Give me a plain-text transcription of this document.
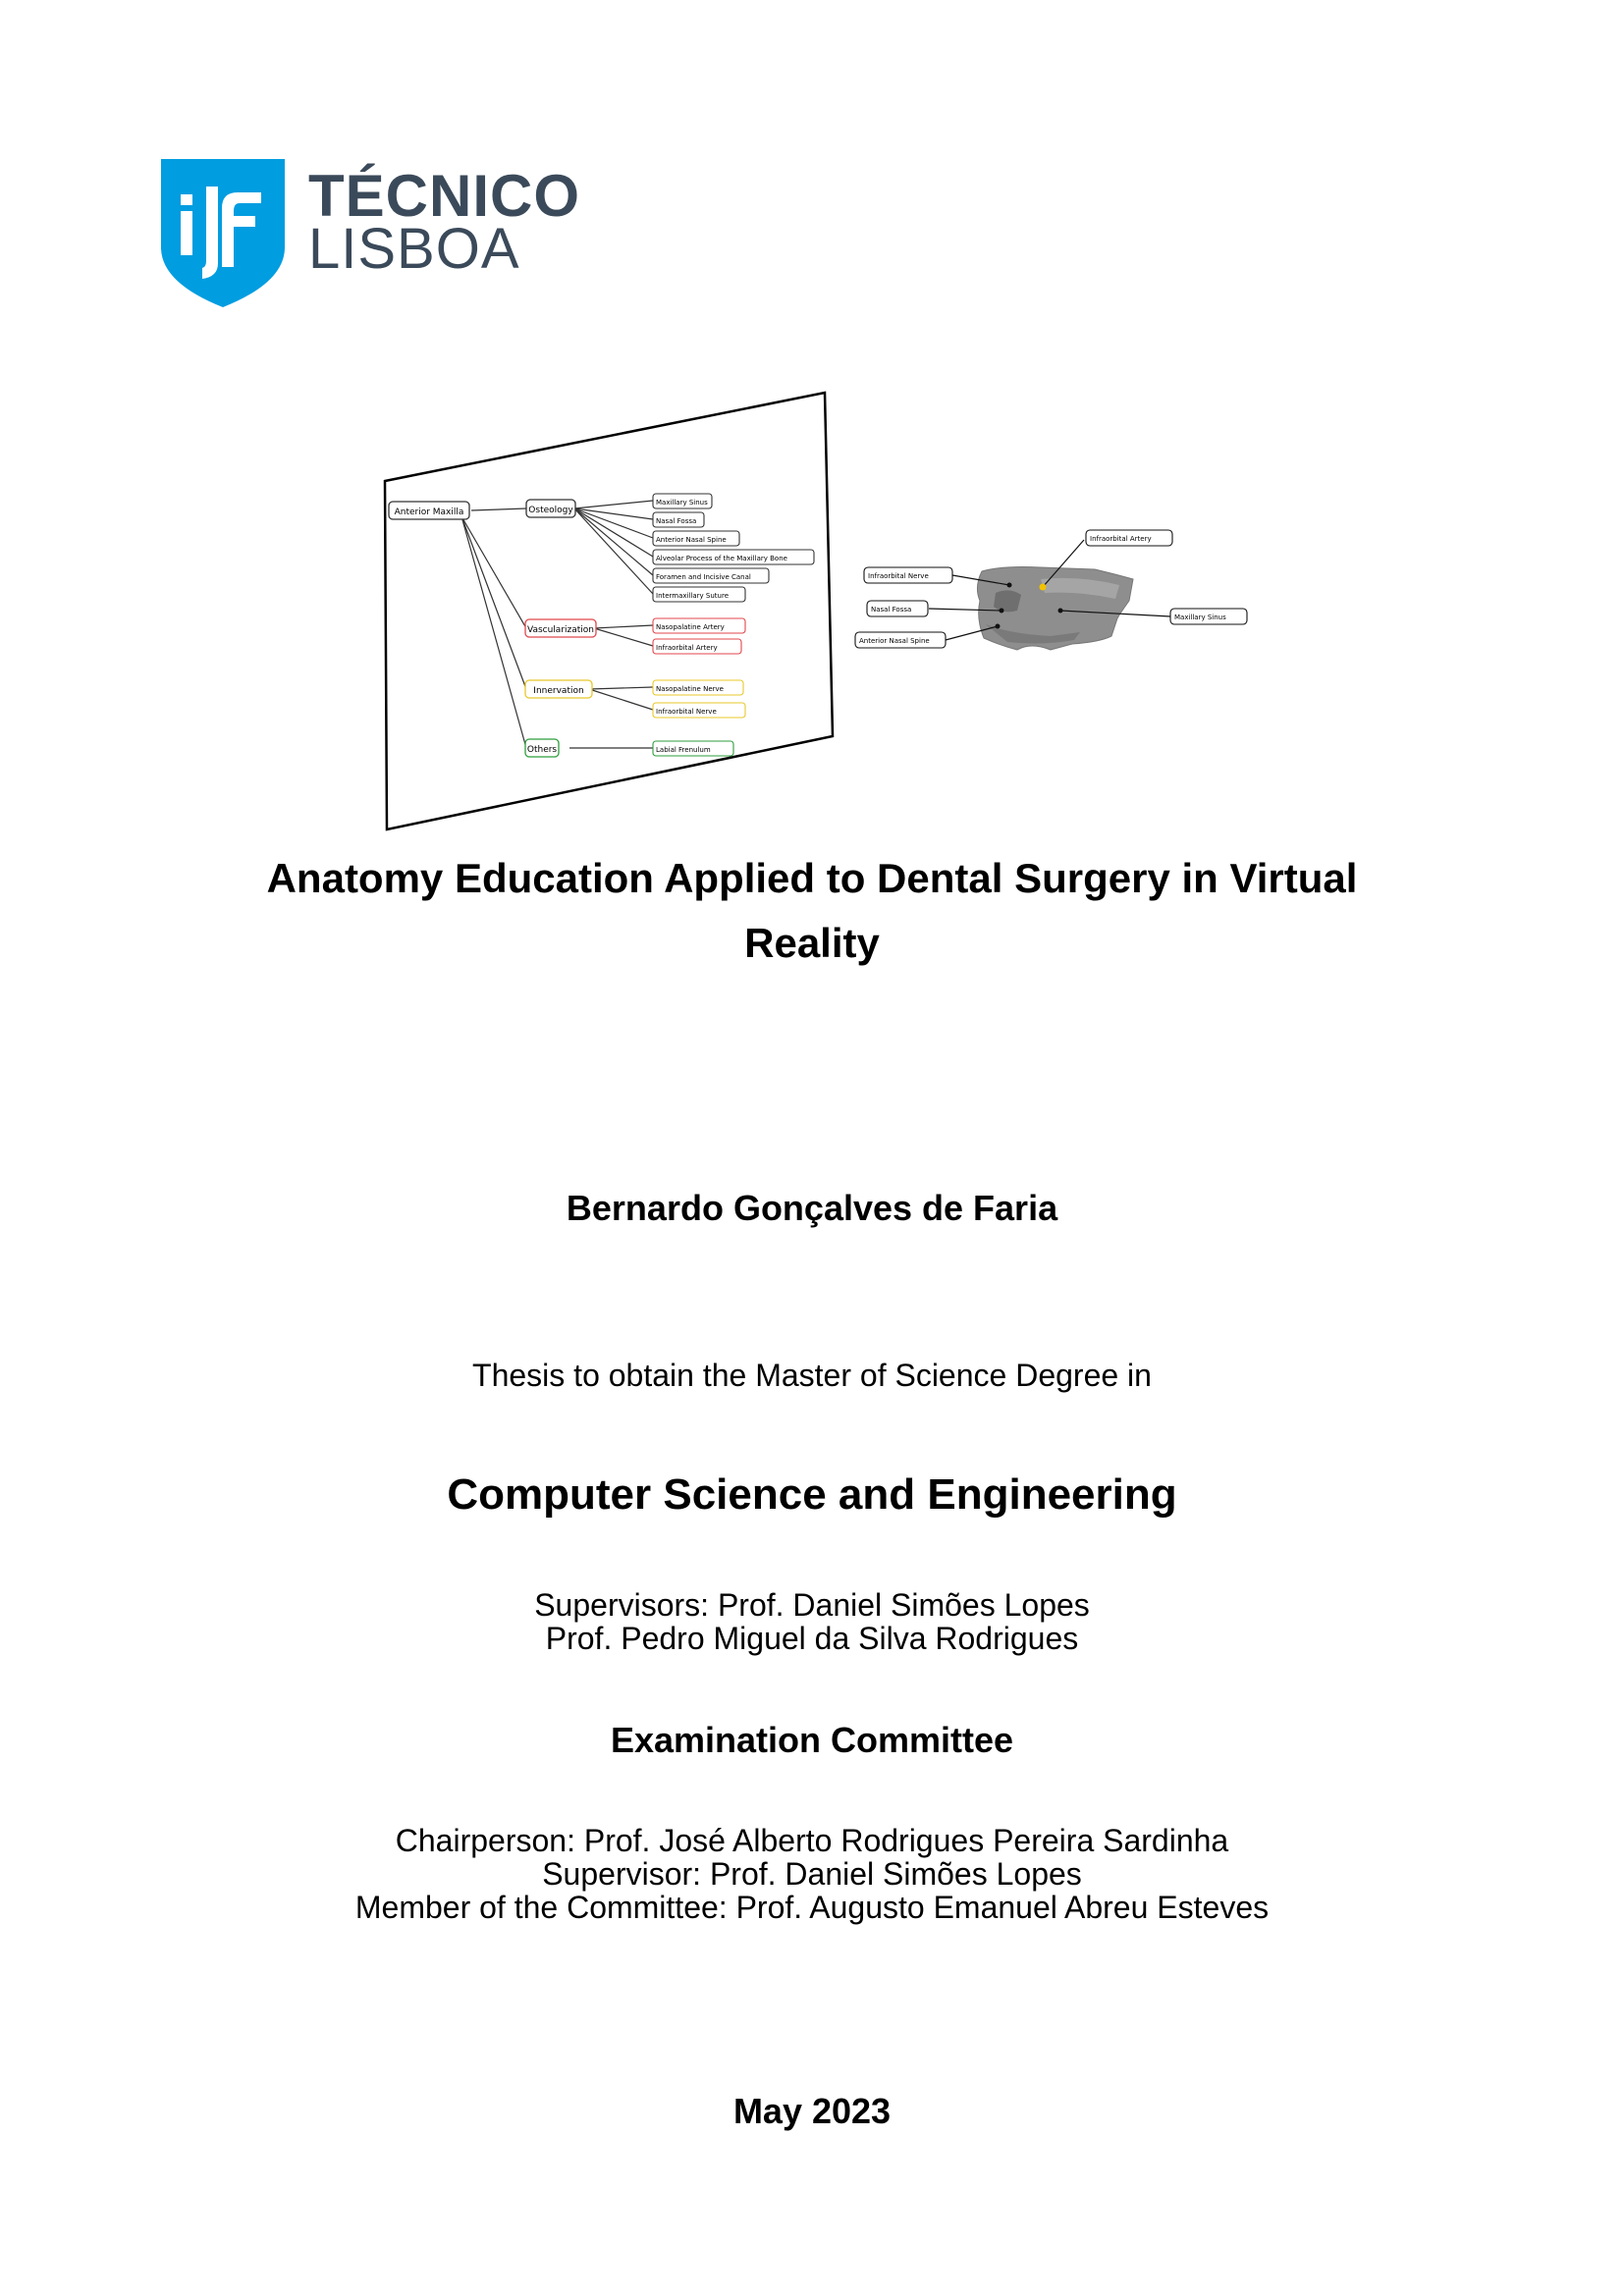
TÉCNICO
LISBOA
Anterior Maxilla	Osteology
Vascularization
Innervation
Others
Maxillary Sinus
Nasal Fossa
Anterior Nasal Spine
Alveolar Process of the Maxillary Bone
Foramen and Incisive Canal
Intermaxillary Suture
Nasopalatine Artery
Infraorbital Artery
Nasopalatine Nerve
Infraorbital Nerve
Labial Frenulum
Infraorbital Nerve
Nasal Fossa
Anterior Nasal Spine
Infraorbital Artery
Maxillary Sinus
Anatomy Education Applied to Dental Surgery in Virtual
Reality
Bernardo Gonçalves de Faria
Thesis to obtain the Master of Science Degree in
Computer Science and Engineering
Supervisors: Prof. Daniel Simões Lopes
Prof. Pedro Miguel da Silva Rodrigues
Examination Committee
Chairperson: Prof. José Alberto Rodrigues Pereira Sardinha
Supervisor: Prof. Daniel Simões Lopes
Member of the Committee: Prof. Augusto Emanuel Abreu Esteves
May 2023
